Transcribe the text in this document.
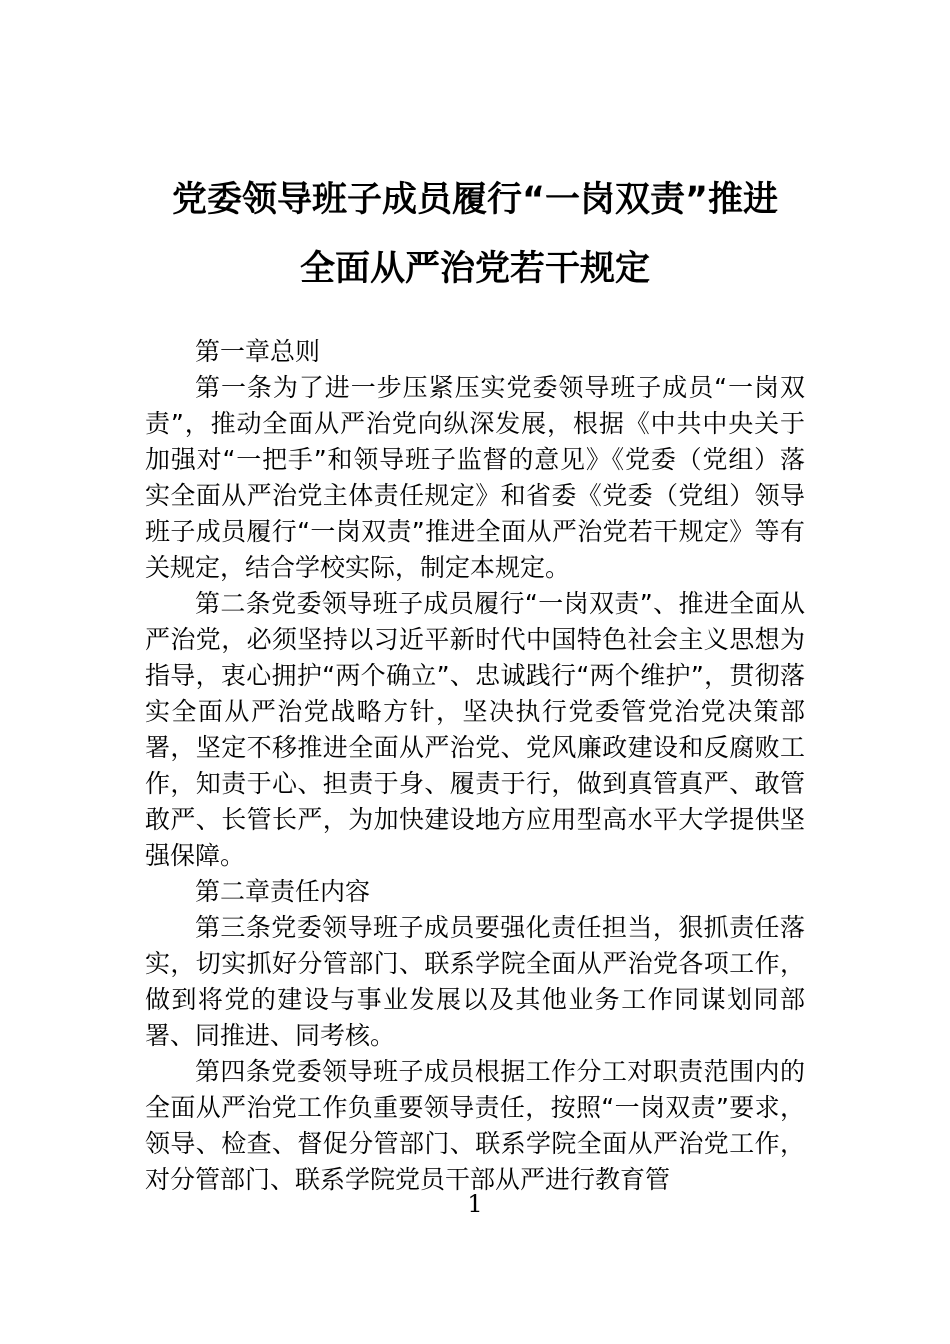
党委领导班子成员履行“一岗双责”推进
全面从严治党若干规定

第一章总则

第一条为了进一步压紧压实党委领导班子成员“一岗双责”，推动全面从严治党向纵深发展，根据《中共中央关于加强对“一把手”和领导班子监督的意见》《党委（党组）落实全面从严治党主体责任规定》和省委《党委（党组）领导班子成员履行“一岗双责”推进全面从严治党若干规定》等有关规定，结合学校实际，制定本规定。

第二条党委领导班子成员履行“一岗双责”、推进全面从严治党，必须坚持以习近平新时代中国特色社会主义思想为指导，衷心拥护“两个确立”、忠诚践行“两个维护”，贯彻落实全面从严治党战略方针，坚决执行党委管党治党决策部署，坚定不移推进全面从严治党、党风廉政建设和反腐败工作，知责于心、担责于身、履责于行，做到真管真严、敢管敢严、长管长严，为加快建设地方应用型高水平大学提供坚强保障。

第二章责任内容

第三条党委领导班子成员要强化责任担当，狠抓责任落实，切实抓好分管部门、联系学院全面从严治党各项工作，做到将党的建设与事业发展以及其他业务工作同谋划同部署、同推进、同考核。

第四条党委领导班子成员根据工作分工对职责范围内的全面从严治党工作负重要领导责任，按照“一岗双责”要求，领导、检查、督促分管部门、联系学院全面从严治党工作，对分管部门、联系学院党员干部从严进行教育管

1
